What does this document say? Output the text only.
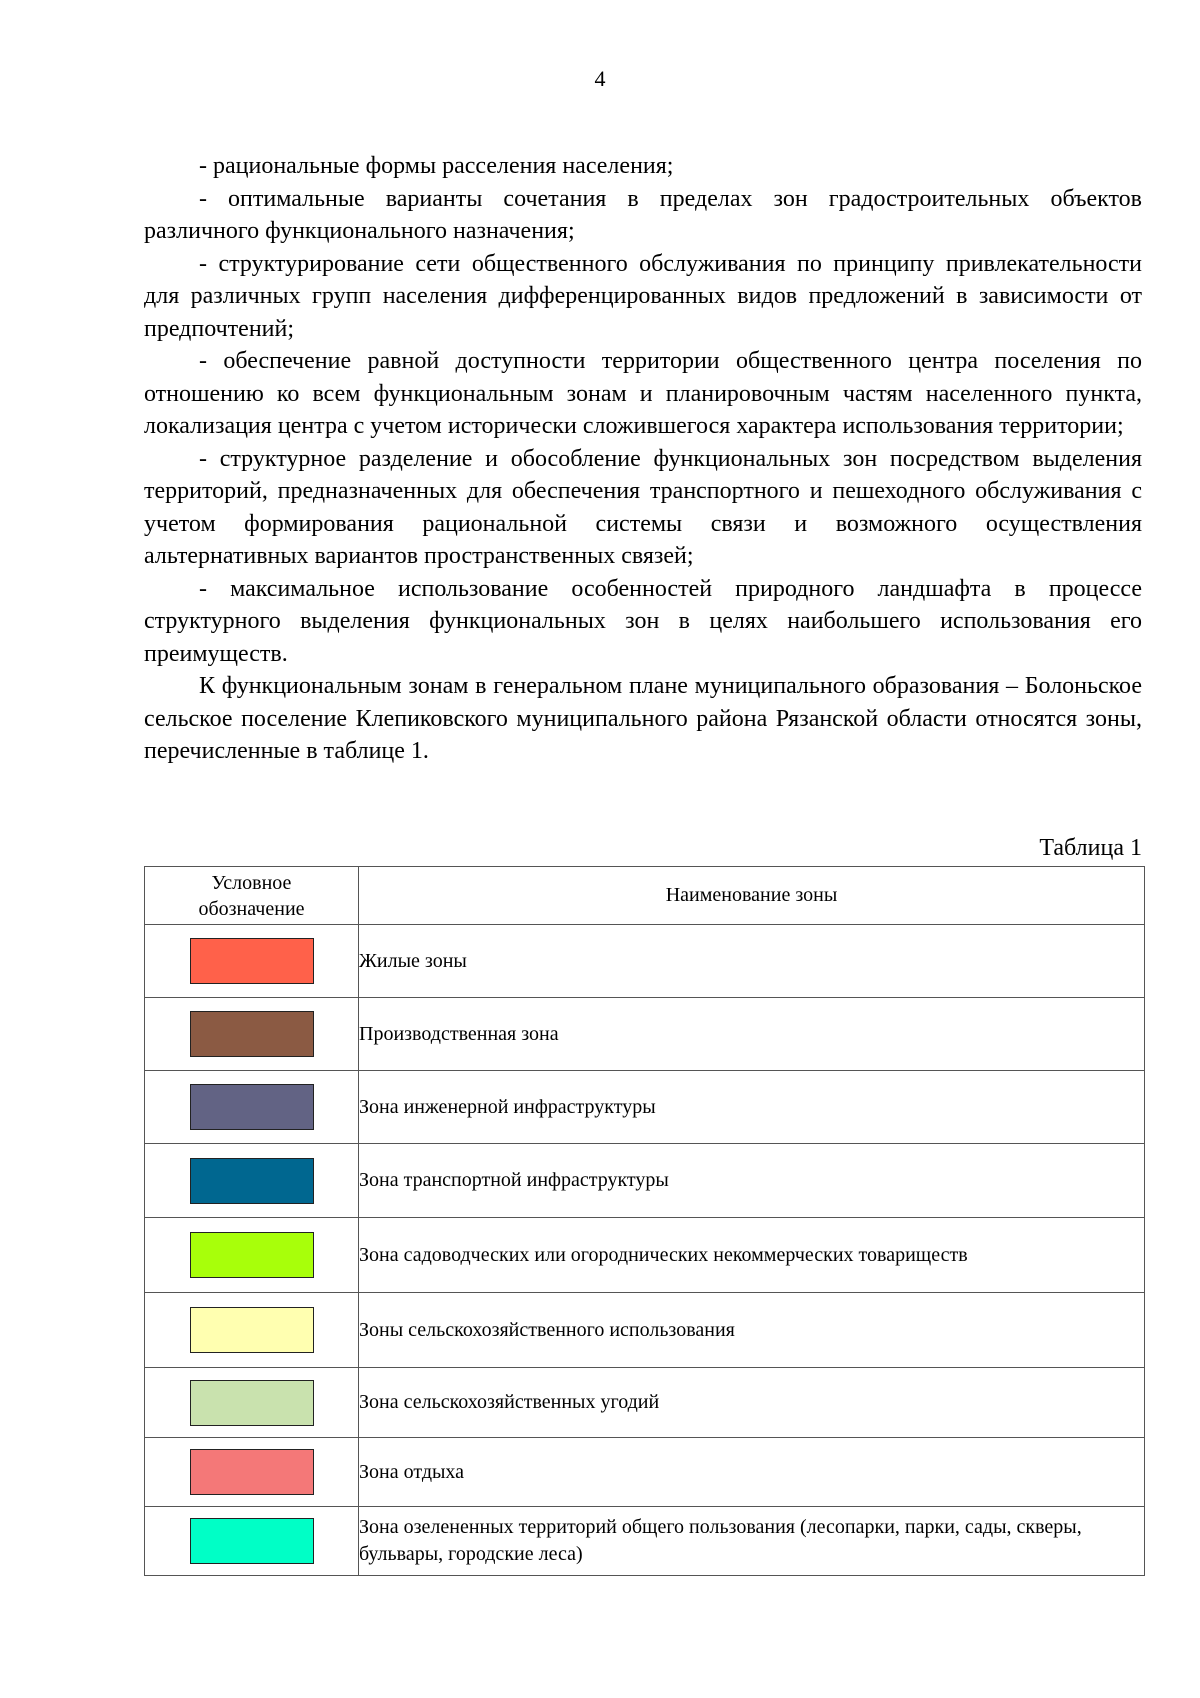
4

- рациональные формы расселения населения;

- оптимальные варианты сочетания в пределах зон градостроительных объектов различного функционального назначения;

- структурирование сети общественного обслуживания по принципу привлекательности для различных групп населения дифференцированных видов предложений в зависимости от предпочтений;

- обеспечение равной доступности территории общественного центра поселения по отношению ко всем функциональным зонам и планировочным частям населенного пункта, локализация центра с учетом исторически сложившегося характера использования территории;

- структурное разделение и обособление функциональных зон посредством выделения территорий, предназначенных для обеспечения транспортного и пешеходного обслуживания с учетом формирования рациональной системы связи и возможного осуществления альтернативных вариантов пространственных связей;

- максимальное использование особенностей природного ландшафта в процессе структурного выделения функциональных зон в целях наибольшего использования его преимуществ.

К функциональным зонам в генеральном плане муниципального образования – Болоньское сельское поселение Клепиковского муниципального района Рязанской области относятся зоны, перечисленные в таблице 1.

Таблица 1
Условное
обозначение	Наименование зоны
	Жилые зоны
	Производственная зона
	Зона инженерной инфраструктуры
	Зона транспортной инфраструктуры
	Зона садоводческих или огороднических некоммерческих товариществ
	Зоны сельскохозяйственного использования
	Зона сельскохозяйственных угодий
	Зона отдыха
	Зона озелененных территорий общего пользования (лесопарки, парки, сады, скверы, бульвары, городские леса)
